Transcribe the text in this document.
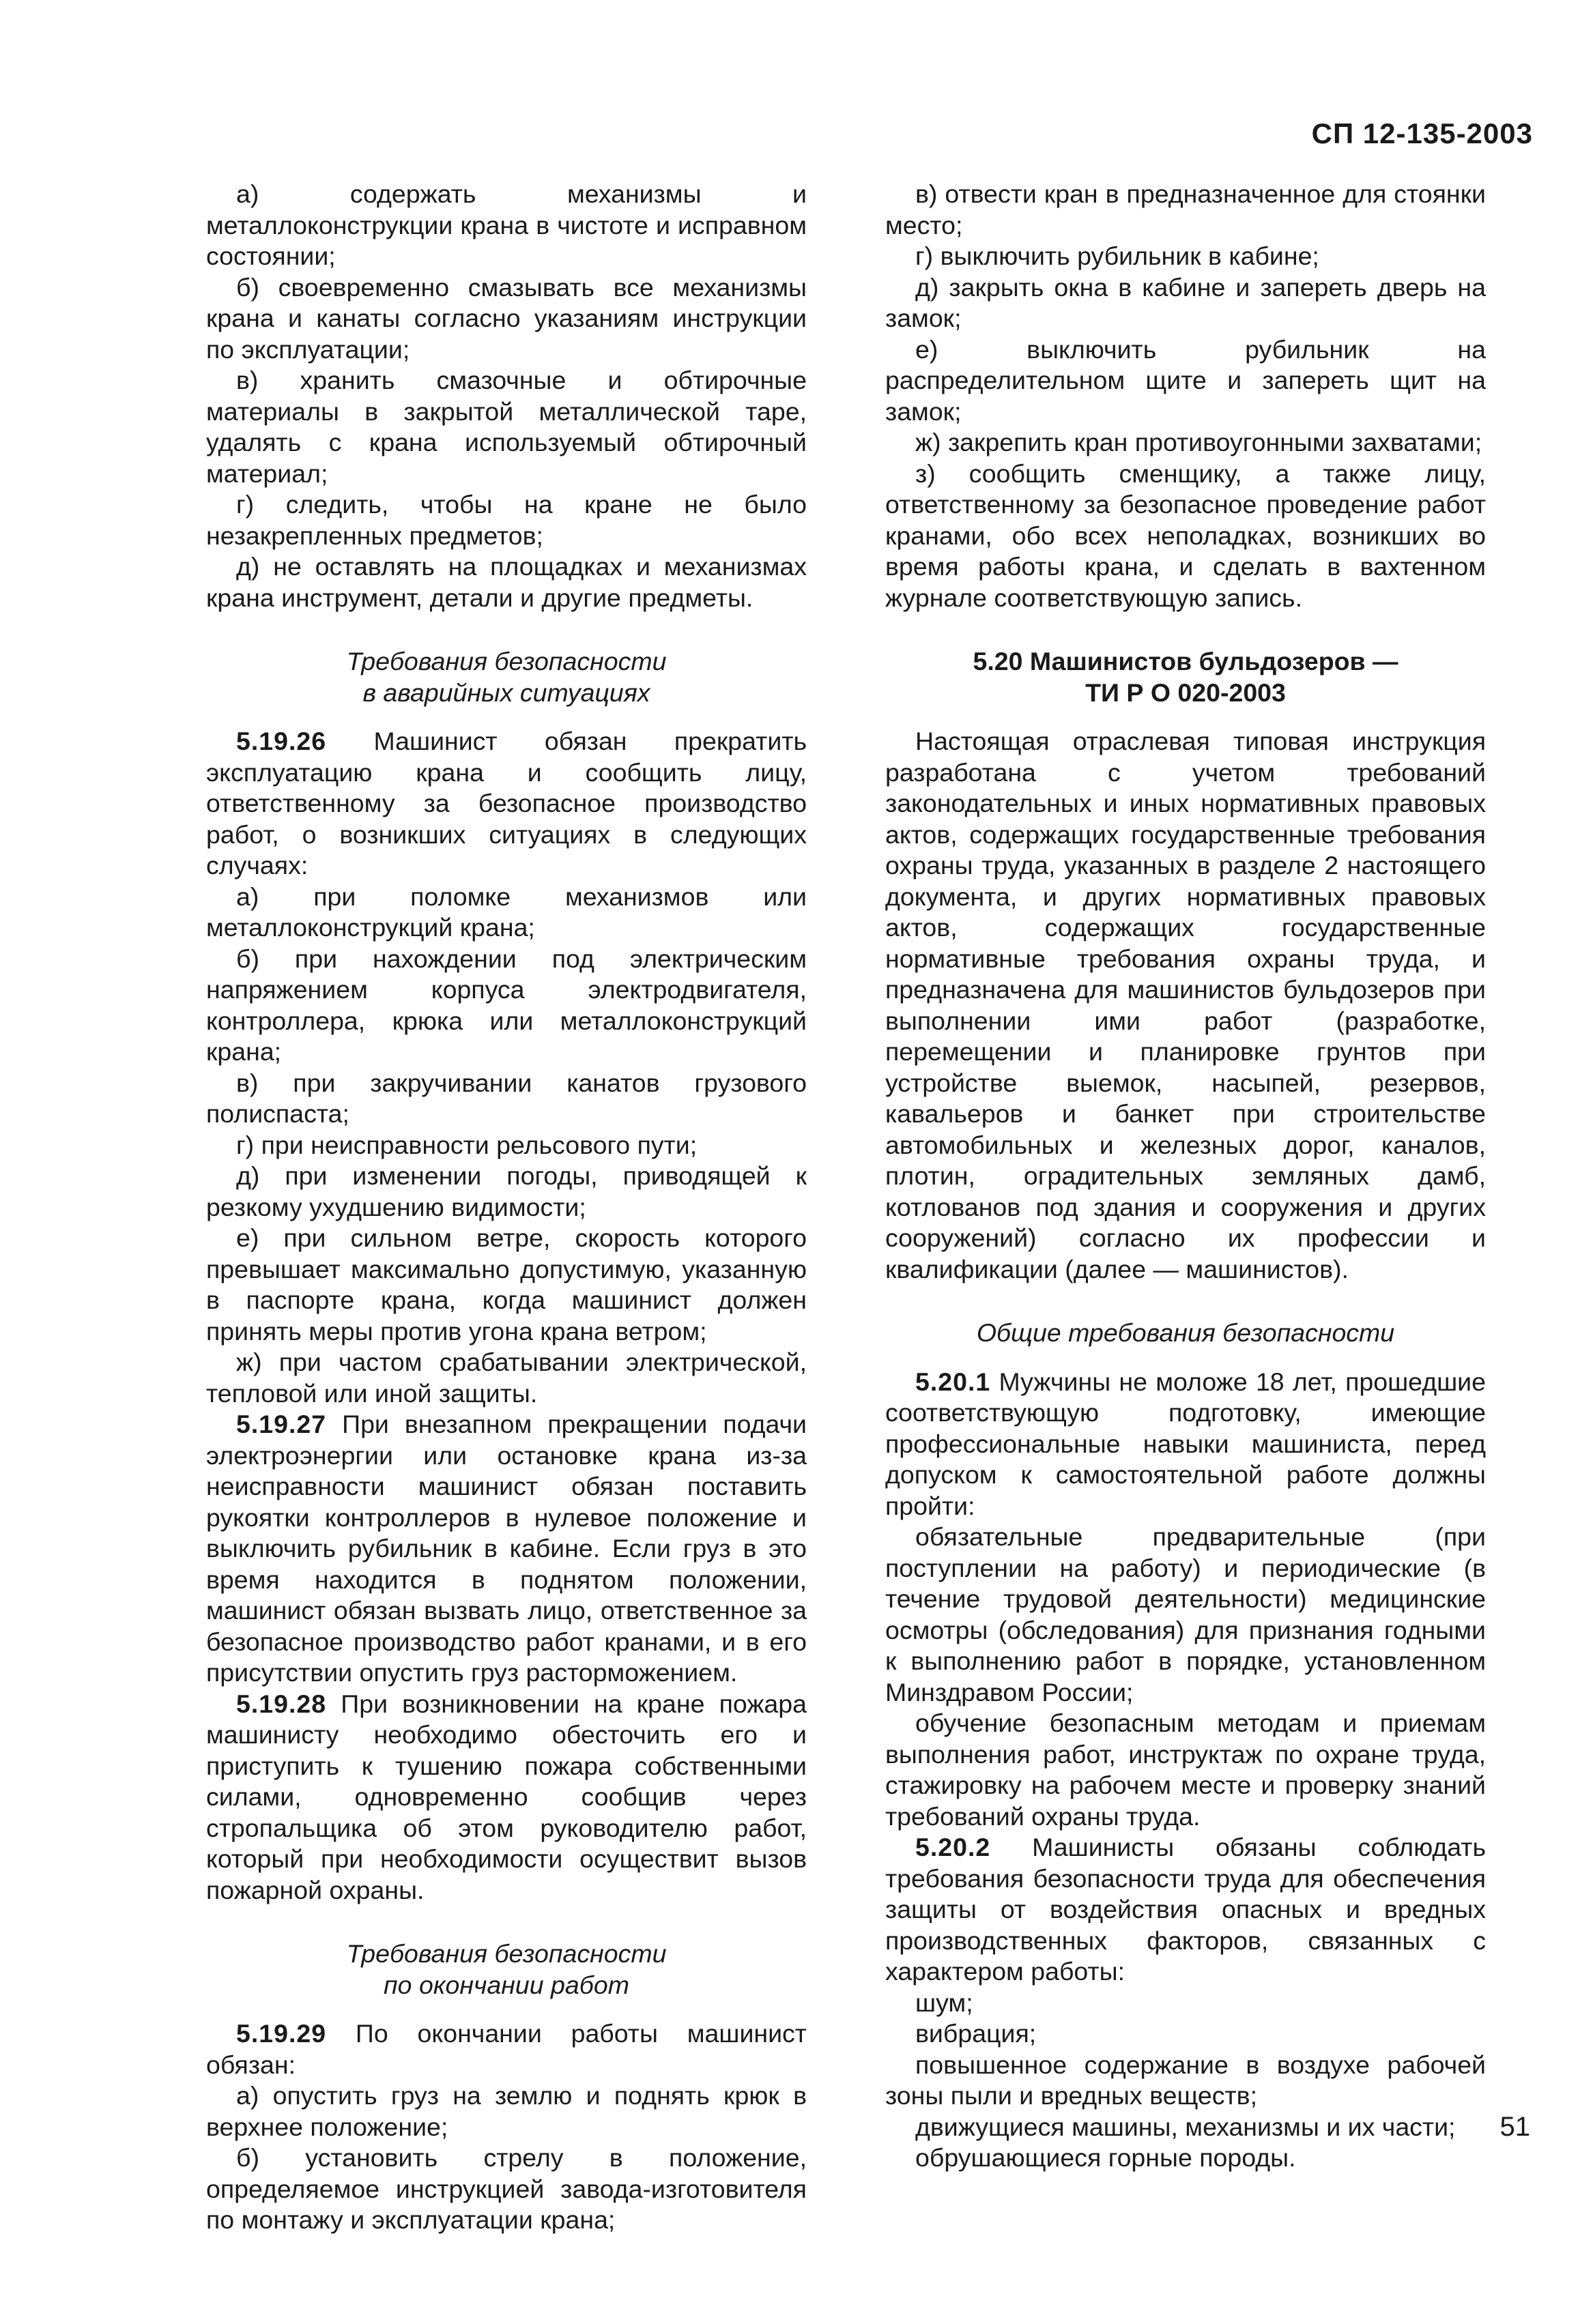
СП 12-135-2003

а) содержать механизмы и металлоконструкции крана в чистоте и исправном состоянии;

б) своевременно смазывать все механизмы крана и канаты согласно указаниям инструкции по эксплуатации;

в) хранить смазочные и обтирочные материалы в закрытой металлической таре, удалять с крана используемый обтирочный материал;

г) следить, чтобы на кране не было незакрепленных предметов;

д) не оставлять на площадках и механизмах крана инструмент, детали и другие предметы.

Требования безопасности
в аварийных ситуациях

5.19.26 Машинист обязан прекратить эксплуатацию крана и сообщить лицу, ответственному за безопасное производство работ, о возникших ситуациях в следующих случаях:

а) при поломке механизмов или металлоконструкций крана;

б) при нахождении под электрическим напряжением корпуса электродвигателя, контроллера, крюка или металлоконструкций крана;

в) при закручивании канатов грузового полиспаста;

г) при неисправности рельсового пути;

д) при изменении погоды, приводящей к резкому ухудшению видимости;

е) при сильном ветре, скорость которого превышает максимально допустимую, указанную в паспорте крана, когда машинист должен принять меры против угона крана ветром;

ж) при частом срабатывании электрической, тепловой или иной защиты.

5.19.27 При внезапном прекращении подачи электроэнергии или остановке крана из-за неисправности машинист обязан поставить рукоятки контроллеров в нулевое положение и выключить рубильник в кабине. Если груз в это время находится в поднятом положении, машинист обязан вызвать лицо, ответственное за безопасное производство работ кранами, и в его присутствии опустить груз расторможением.

5.19.28 При возникновении на кране пожара машинисту необходимо обесточить его и приступить к тушению пожара собственными силами, одновременно сообщив через стропальщика об этом руководителю работ, который при необходимости осуществит вызов пожарной охраны.

Требования безопасности
по окончании работ

5.19.29 По окончании работы машинист обязан:

а) опустить груз на землю и поднять крюк в верхнее положение;

б) установить стрелу в положение, определяемое инструкцией завода-изготовителя по монтажу и эксплуатации крана;

в) отвести кран в предназначенное для стоянки место;

г) выключить рубильник в кабине;

д) закрыть окна в кабине и запереть дверь на замок;

е) выключить рубильник на распределительном щите и запереть щит на замок;

ж) закрепить кран противоугонными захватами;

з) сообщить сменщику, а также лицу, ответственному за безопасное проведение работ кранами, обо всех неполадках, возникших во время работы крана, и сделать в вахтенном журнале соответствующую запись.

5.20 Машинистов бульдозеров —
ТИ Р О 020-2003

Настоящая отраслевая типовая инструкция разработана с учетом требований законодательных и иных нормативных правовых актов, содержащих государственные требования охраны труда, указанных в разделе 2 настоящего документа, и других нормативных правовых актов, содержащих государственные нормативные требования охраны труда, и предназначена для машинистов бульдозеров при выполнении ими работ (разработке, перемещении и планировке грунтов при устройстве выемок, насыпей, резервов, кавальеров и банкет при строительстве автомобильных и железных дорог, каналов, плотин, оградительных земляных дамб, котлованов под здания и сооружения и других сооружений) согласно их профессии и квалификации (далее — машинистов).

Общие требования безопасности

5.20.1 Мужчины не моложе 18 лет, прошедшие соответствующую подготовку, имеющие профессиональные навыки машиниста, перед допуском к самостоятельной работе должны пройти:

обязательные предварительные (при поступлении на работу) и периодические (в течение трудовой деятельности) медицинские осмотры (обследования) для признания годными к выполнению работ в порядке, установленном Минздравом России;

обучение безопасным методам и приемам выполнения работ, инструктаж по охране труда, стажировку на рабочем месте и проверку знаний требований охраны труда.

5.20.2 Машинисты обязаны соблюдать требования безопасности труда для обеспечения защиты от воздействия опасных и вредных производственных факторов, связанных с характером работы:

шум;

вибрация;

повышенное содержание в воздухе рабочей зоны пыли и вредных веществ;

движущиеся машины, механизмы и их части;

обрушающиеся горные породы.

51
